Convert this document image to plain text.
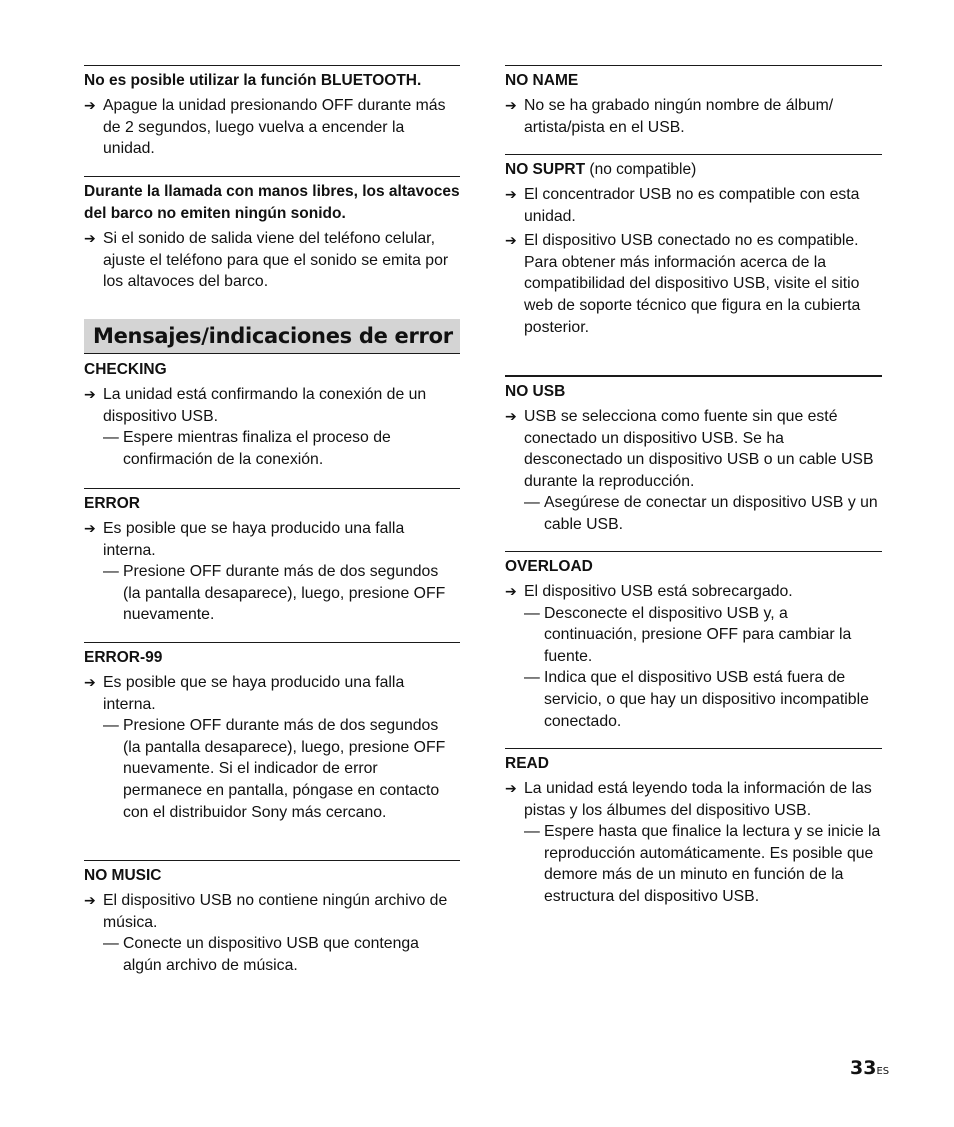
No es posible utilizar la función BLUETOOTH.

➔ Apague la unidad presionando OFF durante más de 2 segundos, luego vuelva a encender la unidad.

Durante la llamada con manos libres, los altavoces del barco no emiten ningún sonido.

➔ Si el sonido de salida viene del teléfono celular, ajuste el teléfono para que el sonido se emita por los altavoces del barco.

CHECKING

➔ La unidad está confirmando la conexión de un dispositivo USB.

— Espere mientras finaliza el proceso de confirmación de la conexión.

ERROR

➔ Es posible que se haya producido una falla interna.

— Presione OFF durante más de dos segundos (la pantalla desaparece), luego, presione OFF nuevamente.

ERROR-99

➔ Es posible que se haya producido una falla interna.

— Presione OFF durante más de dos segundos (la pantalla desaparece), luego, presione OFF nuevamente. Si el indicador de error permanece en pantalla, póngase en contacto con el distribuidor Sony más cercano.

NO MUSIC

➔ El dispositivo USB no contiene ningún archivo de música.

— Conecte un dispositivo USB que contenga algún archivo de música.

Mensajes/indicaciones de error

NO NAME

➔ No se ha grabado ningún nombre de álbum/ artista/pista en el USB.

NO SUPRT (no compatible)

➔ El concentrador USB no es compatible con esta unidad.

➔ El dispositivo USB conectado no es compatible.

Para obtener más información acerca de la compatibilidad del dispositivo USB, visite el sitio web de soporte técnico que figura en la cubierta posterior.

NO USB

➔ USB se selecciona como fuente sin que esté conectado un dispositivo USB. Se ha desconectado un dispositivo USB o un cable USB durante la reproducción.

— Asegúrese de conectar un dispositivo USB y un cable USB.

OVERLOAD

➔ El dispositivo USB está sobrecargado.

— Desconecte el dispositivo USB y, a continuación, presione OFF para cambiar la fuente.

— Indica que el dispositivo USB está fuera de servicio, o que hay un dispositivo incompatible conectado.

READ

➔ La unidad está leyendo toda la información de las pistas y los álbumes del dispositivo USB.

— Espere hasta que finalice la lectura y se inicie la reproducción automáticamente. Es posible que demore más de un minuto en función de la estructura del dispositivo USB.

33ES
